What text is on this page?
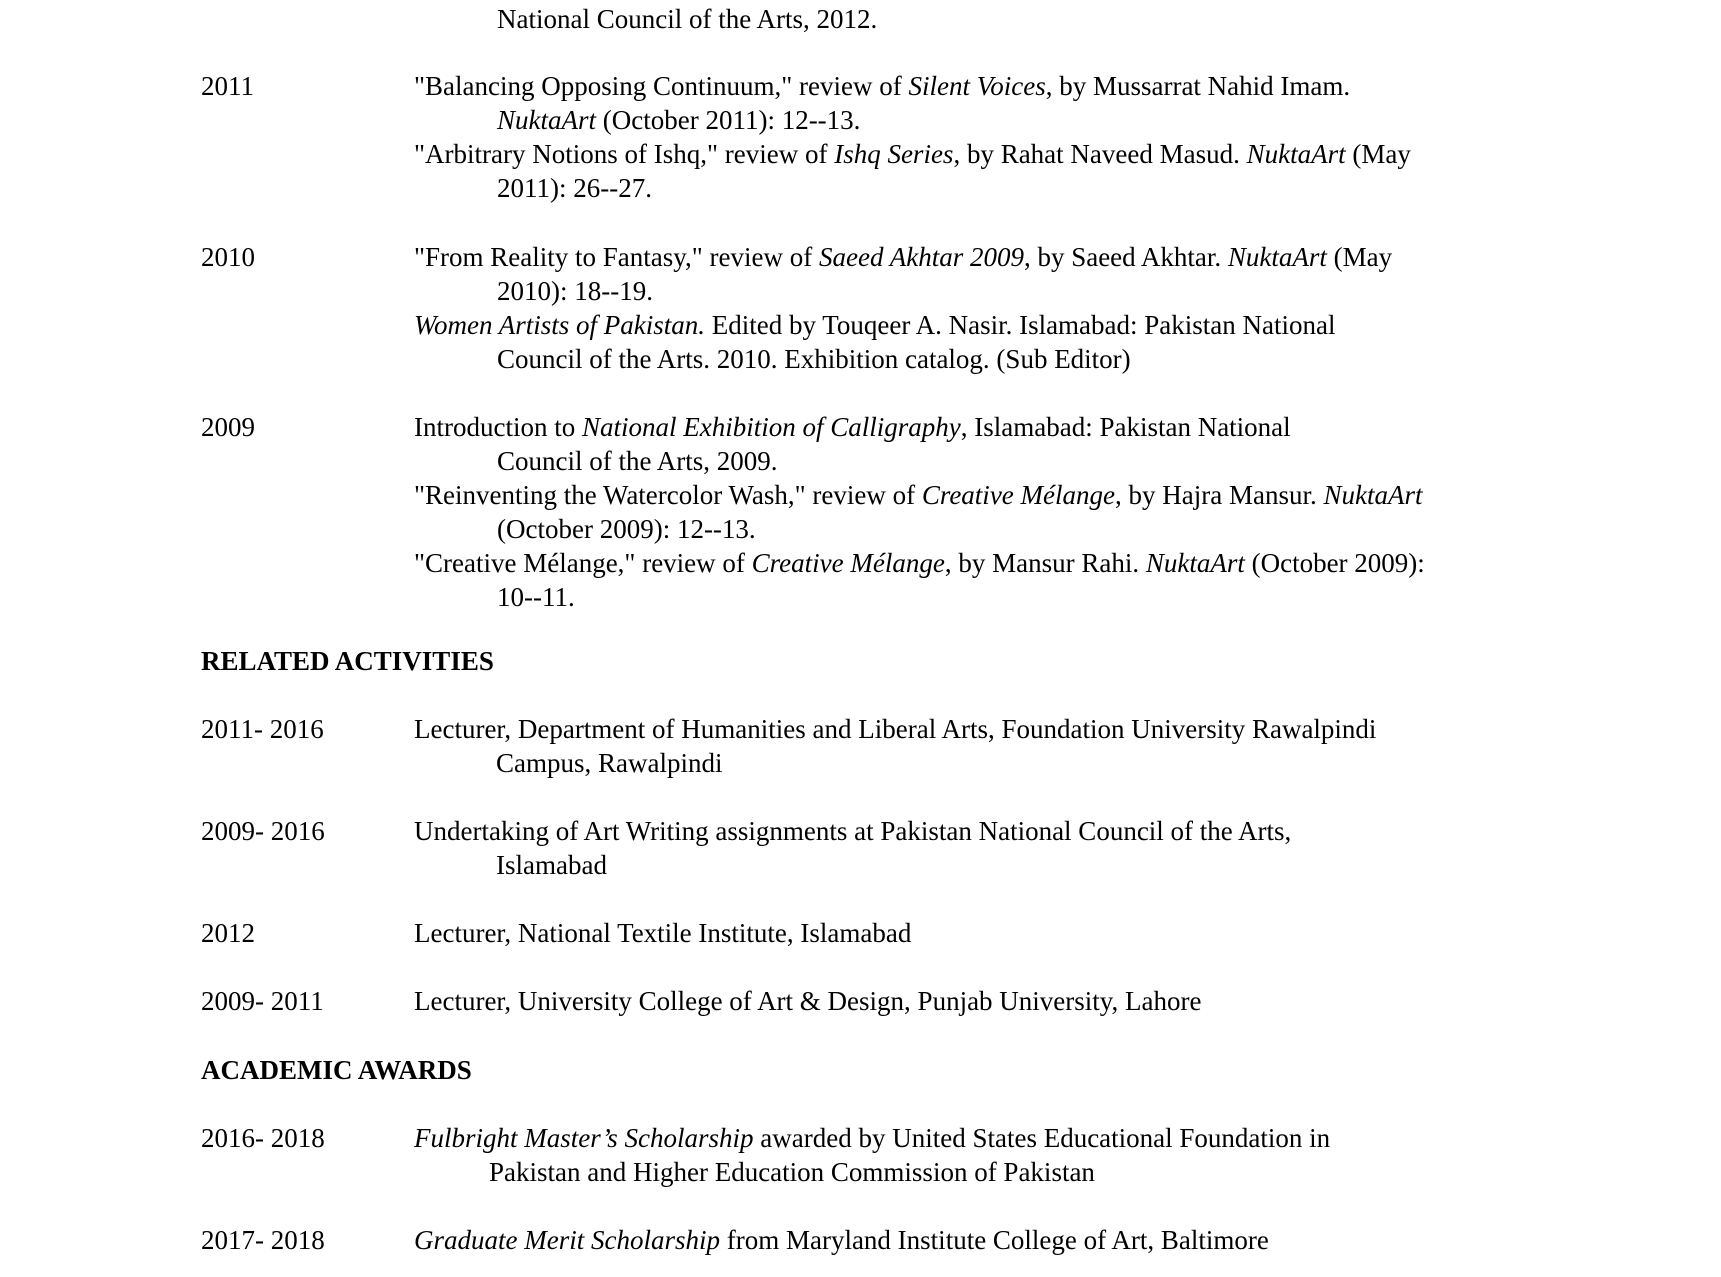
National Council of the Arts, 2012.
2011	"Balancing Opposing Continuum," review of Silent Voices, by Mussarrat Nahid Imam.
NuktaArt (October 2011): 12--13.
"Arbitrary Notions of Ishq," review of Ishq Series, by Rahat Naveed Masud. NuktaArt (May
2011): 26--27.
2010	"From Reality to Fantasy," review of Saeed Akhtar 2009, by Saeed Akhtar. NuktaArt (May
2010): 18--19.
Women Artists of Pakistan. Edited by Touqeer A. Nasir. Islamabad: Pakistan National
Council of the Arts. 2010. Exhibition catalog. (Sub Editor)
2009	Introduction to National Exhibition of Calligraphy, Islamabad: Pakistan National
Council of the Arts, 2009.
"Reinventing the Watercolor Wash," review of Creative Mélange, by Hajra Mansur. NuktaArt
(October 2009): 12--13.
"Creative Mélange," review of Creative Mélange, by Mansur Rahi. NuktaArt (October 2009):
10--11.
RELATED ACTIVITIES
2011- 2016	Lecturer, Department of Humanities and Liberal Arts, Foundation University Rawalpindi
Campus, Rawalpindi
2009- 2016	Undertaking of Art Writing assignments at Pakistan National Council of the Arts,
Islamabad
2012	Lecturer, National Textile Institute, Islamabad
2009- 2011	Lecturer, University College of Art & Design, Punjab University, Lahore
ACADEMIC AWARDS
2016- 2018	Fulbright Master’s Scholarship awarded by United States Educational Foundation in
Pakistan and Higher Education Commission of Pakistan
2017- 2018	Graduate Merit Scholarship from Maryland Institute College of Art, Baltimore
